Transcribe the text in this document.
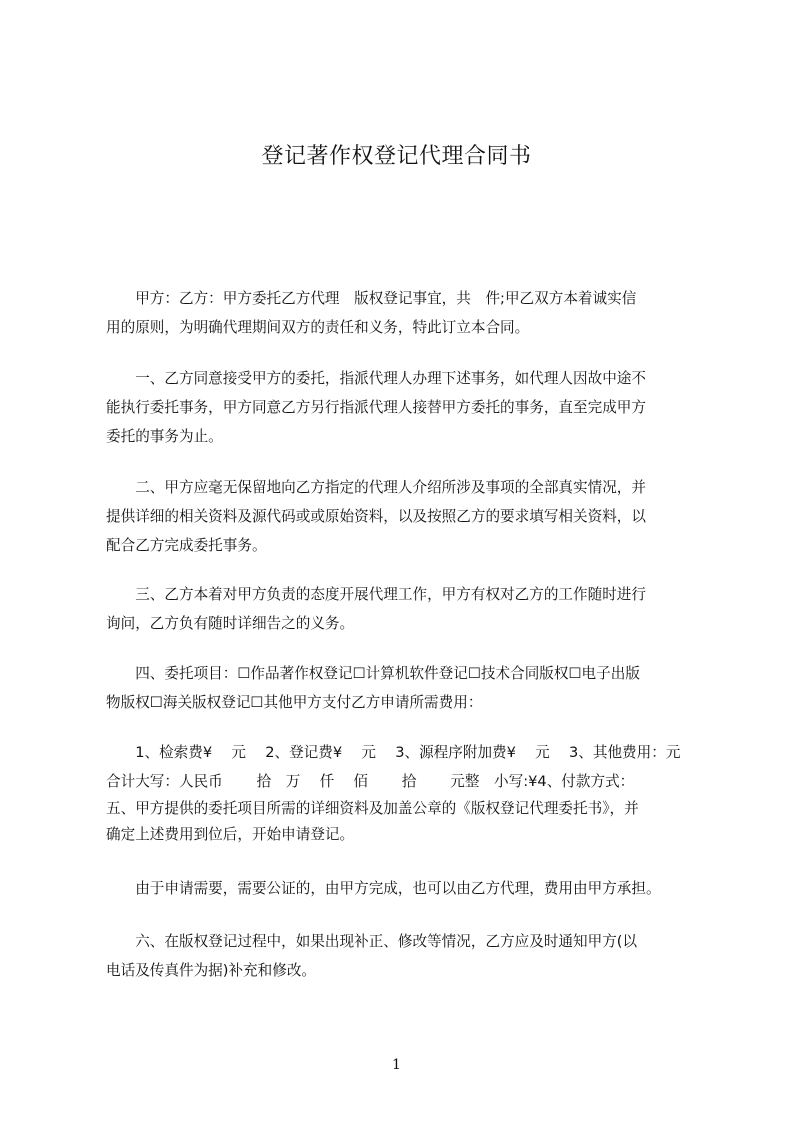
登记著作权登记代理合同书
　　甲方：乙方：甲方委托乙方代理　版权登记事宜，共　件;甲乙双方本着诚实信
用的原则，为明确代理期间双方的责任和义务，特此订立本合同。
　　一、乙方同意接受甲方的委托，指派代理人办理下述事务，如代理人因故中途不
能执行委托事务，甲方同意乙方另行指派代理人接替甲方委托的事务，直至完成甲方
委托的事务为止。
　　二、甲方应毫无保留地向乙方指定的代理人介绍所涉及事项的全部真实情况，并
提供详细的相关资料及源代码或或原始资料，以及按照乙方的要求填写相关资料，以
配合乙方完成委托事务。
　　三、乙方本着对甲方负责的态度开展代理工作，甲方有权对乙方的工作随时进行
询问，乙方负有随时详细告之的义务。
　　四、委托项目：☐作品著作权登记☐计算机软件登记☐技术合同版权☐电子出版
物版权☐海关版权登记☐其他甲方支付乙方申请所需费用：
　　1、检索费¥　 元　 2、登记费¥　 元　 3、源程序附加费¥　 元　 3、其他费用：元
合计大写：人民币　 　拾　万　 仟　 佰　　 拾　　 元整　小写:¥4、付款方式：
五、甲方提供的委托项目所需的详细资料及加盖公章的《版权登记代理委托书》，并
确定上述费用到位后，开始申请登记。
　　由于申请需要，需要公证的，由甲方完成，也可以由乙方代理，费用由甲方承担。
　　六、在版权登记过程中，如果出现补正、修改等情况，乙方应及时通知甲方(以
电话及传真件为据)补充和修改。
1
